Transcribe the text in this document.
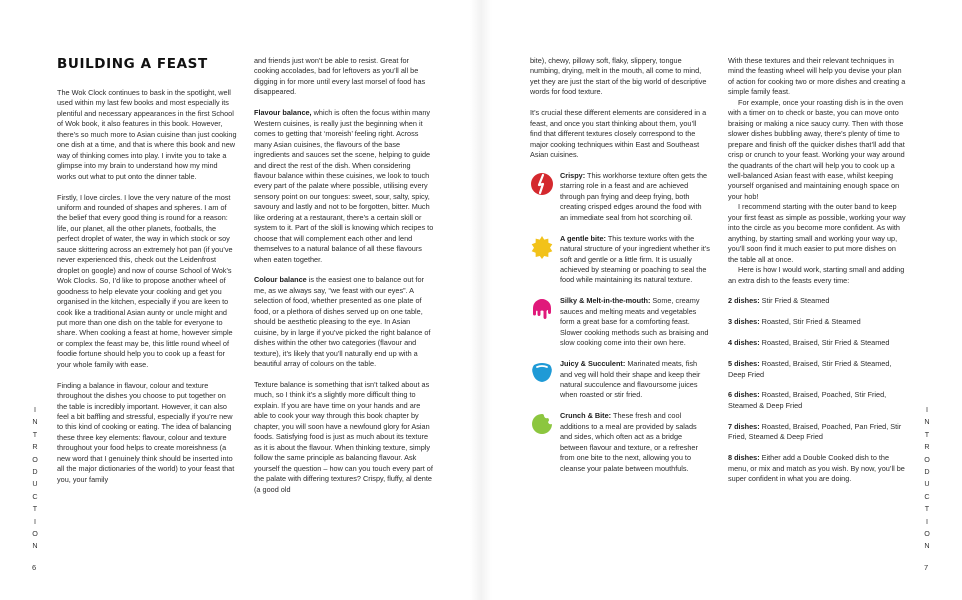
BUILDING A FEAST

The Wok Clock continues to bask in the spotlight, well used within my last few books and most especially its plentiful and necessary appearances in the first School of Wok book, it also features in this book. However, there’s so much more to Asian cuisine than just cooking one dish at a time, and that is where this book and new way of thinking comes into play. I invite you to take a glimpse into my brain to understand how my mind works out what to put onto the dinner table.

Firstly, I love circles. I love the very nature of the most uniform and rounded of shapes and spheres. I am of the belief that every good thing is round for a reason: life, our planet, all the other planets, footballs, the perfect droplet of water, the way in which stock or soy sauce skittering across an extremely hot pan (if you’ve never experienced this, check out the Leidenfrost droplet on google) and now of course School of Wok’s Wok Clocks. So, I’d like to propose another wheel of goodness to help elevate your cooking and get you organised in the kitchen, especially if you are keen to cook like a traditional Asian aunty or uncle might and put more than one dish on the table for everyone to share. When cooking a feast at home, however simple or complex the feast may be, this little round wheel of foodie fortune should help you to cook up a feast for your whole family with ease.

Finding a balance in flavour, colour and texture throughout the dishes you choose to put together on the table is incredibly important. However, it can also feel a bit baffling and stressful, especially if you’re new to this kind of cooking or eating. The idea of balancing these three key elements: flavour, colour and texture throughout your food helps to create moreishness (a new word that I genuinely think should be inserted into all the major dictionaries of the world) to your feast that you, your family

and friends just won’t be able to resist. Great for cooking accolades, bad for leftovers as you’ll all be digging in for more until every last morsel of food has disappeared.

Flavour balance, which is often the focus within many Western cuisines, is really just the beginning when it comes to getting that ‘moreish’ feeling right. Across many Asian cuisines, the flavours of the base ingredients and sauces set the scene, helping to guide and direct the rest of the dish. When considering flavour balance within these cuisines, we look to touch every part of the palate where possible, utilising every sensory point on our tongues: sweet, sour, salty, spicy, savoury and lastly and not to be forgotten, bitter. Much like ordering at a restaurant, there’s a certain skill or system to it. Part of the skill is knowing which recipes to choose that will complement each other and lend themselves to a natural balance of all these flavours when eaten together.

Colour balance is the easiest one to balance out for me, as we always say, “we feast with our eyes”. A selection of food, whether presented as one plate of food, or a plethora of dishes served up on one table, should be aesthetic pleasing to the eye. In Asian cuisine, by in large if you’ve picked the right balance of dishes within the other two categories (flavour and texture), it’s likely that you’ll naturally end up with a beautiful array of colours on the table.

Texture balance is something that isn’t talked about as much, so I think it’s a slightly more difficult thing to explain. If you are have time on your hands and are able to cook your way through this book chapter by chapter, you will soon have a newfound glory for Asian foods. Satisfying food is just as much about its texture as it is about the flavour. When thinking texture, simply follow the same principle as balancing flavour. Ask yourself the question – how can you touch every part of the palate with differing textures? Crispy, fluffy, al dente (a good old

bite), chewy, pillowy soft, flaky, slippery, tongue numbing, drying, melt in the mouth, all come to mind, yet they are just the start of the big world of descriptive words for food texture.

It’s crucial these different elements are considered in a feast, and once you start thinking about them, you’ll find that different textures closely correspond to the major cooking techniques within East and Southeast Asian cuisines.

Crispy: This workhorse texture often gets the starring role in a feast and are achieved through pan frying and deep frying, both creating crisped edges around the food with an immediate seal from hot scorching oil.
A gentle bite: This texture works with the natural structure of your ingredient whether it’s soft and gentle or a little firm. It is usually achieved by steaming or poaching to seal the food while maintaining its natural texture.
Silky & Melt-in-the-mouth: Some, creamy sauces and melting meats and vegetables form a great base for a comforting feast. Slower cooking methods such as braising and slow cooking come into their own here.
Juicy & Succulent: Marinated meats, fish and veg will hold their shape and keep their natural succulence and flavoursome juices when roasted or stir fried.
Crunch & Bite: These fresh and cool additions to a meal are provided by salads and sides, which often act as a bridge between flavour and texture, or a refresher from one bite to the next, allowing you to cleanse your palate between mouthfuls.

With these textures and their relevant techniques in mind the feasting wheel will help you devise your plan of action for cooking two or more dishes and creating a simple family feast.

For example, once your roasting dish is in the oven with a timer on to check or baste, you can move onto braising or making a nice saucy curry. Then with those slower dishes bubbling away, there’s plenty of time to prepare and finish off the quicker dishes that’ll add that crisp or crunch to your feast. Working your way around the quadrants of the chart will help you to cook up a well-balanced Asian feast with ease, whilst keeping yourself organised and maintaining enough space on your hob!

I recommend starting with the outer band to keep your first feast as simple as possible, working your way into the circle as you become more confident. As with anything, by starting small and working your way up, you’ll soon find it much easier to put more dishes on the table all at once.

Here is how I would work, starting small and adding an extra dish to the feasts every time:

2 dishes: Stir Fried & Steamed

3 dishes: Roasted, Stir Fried & Steamed

4 dishes: Roasted, Braised, Stir Fried & Steamed

5 dishes: Roasted, Braised, Stir Fried & Steamed, Deep Fried

6 dishes: Roasted, Braised, Poached, Stir Fried, Steamed & Deep Fried

7 dishes: Roasted, Braised, Poached, Pan Fried, Stir Fried, Steamed & Deep Fried

8 dishes: Either add a Double Cooked dish to the menu, or mix and match as you wish. By now, you’ll be super confident in what you are doing.

I
N
T
R
O
D
U
C
T
I
O
N
I
N
T
R
O
D
U
C
T
I
O
N
6	7
